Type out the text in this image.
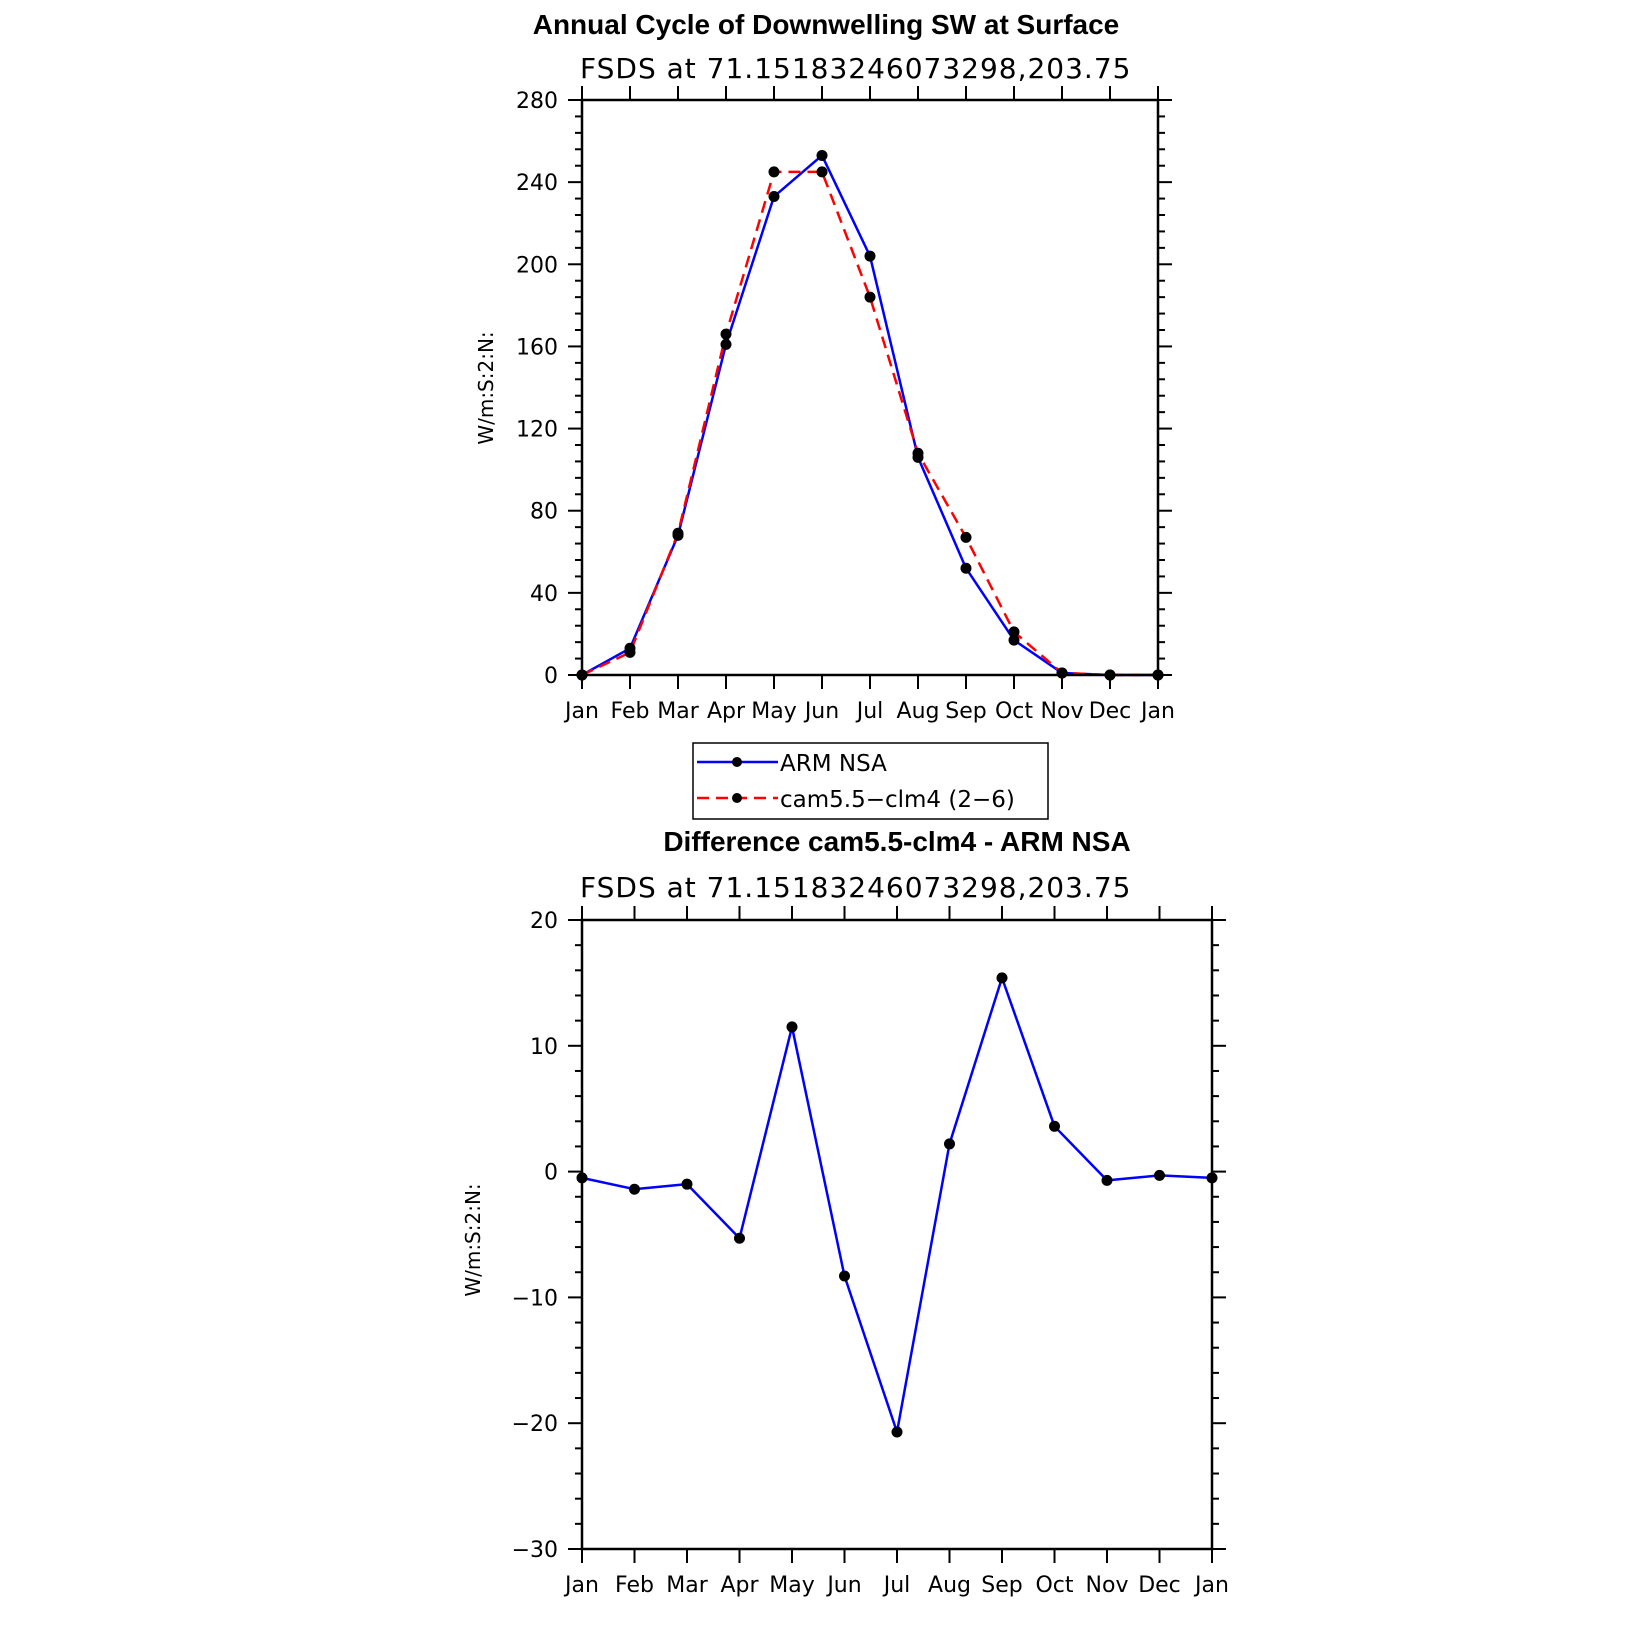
Annual Cycle of Downwelling SW at Surface
FSDS at 71.15183246073298,203.75
W/m:S:2:N:
Jan Feb Mar Apr May Jun Jul Aug Sep Oct Nov Dec Jan
0
40
80
120
160
200
240
280
ARM NSA
cam5.5−clm4 (2−6)
Difference cam5.5-clm4 - ARM NSA
FSDS at 71.15183246073298,203.75
W/m:S:2:N:
Jan Feb Mar Apr May Jun Jul Aug Sep Oct Nov Dec Jan
−30
−20
−10
0
10
20
